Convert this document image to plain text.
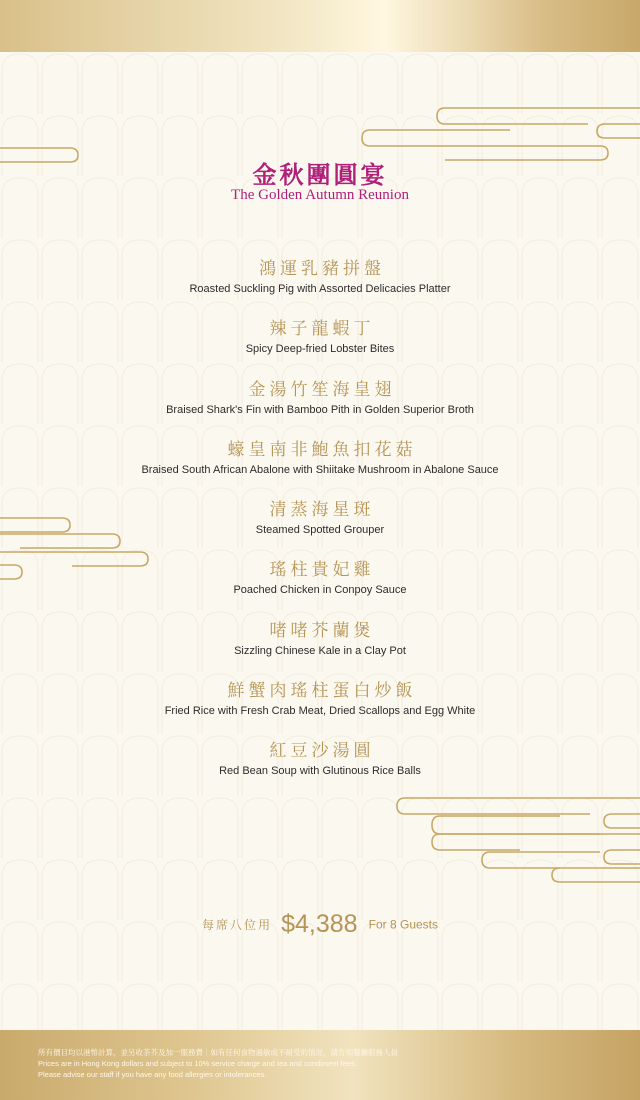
金秋團圓宴
The Golden Autumn Reunion
鴻運乳豬拼盤
Roasted Suckling Pig with Assorted Delicacies Platter
辣子龍蝦丁
Spicy Deep-fried Lobster Bites
金湯竹笙海皇翅
Braised Shark's Fin with Bamboo Pith in Golden Superior Broth
蠔皇南非鮑魚扣花菇
Braised South African Abalone with Shiitake Mushroom in Abalone Sauce
清蒸海星斑
Steamed Spotted Grouper
瑤柱貴妃雞
Poached Chicken in Conpoy Sauce
啫啫芥蘭煲
Sizzling Chinese Kale in a Clay Pot
鮮蟹肉瑤柱蛋白炒飯
Fried Rice with Fresh Crab Meat, Dried Scallops and Egg White
紅豆沙湯圓
Red Bean Soup with Glutinous Rice Balls
每席八位用 $4,388 For 8 Guests
所有價目均以港幣計算，並另收茶芥及加一服務費｜如有任何食物過敏或不耐受的情況，請告知餐廳服務人員
Prices are in Hong Kong dollars and subject to 10% service charge and tea and condiment fees.
Please advise our staff if you have any food allergies or intolerances.
